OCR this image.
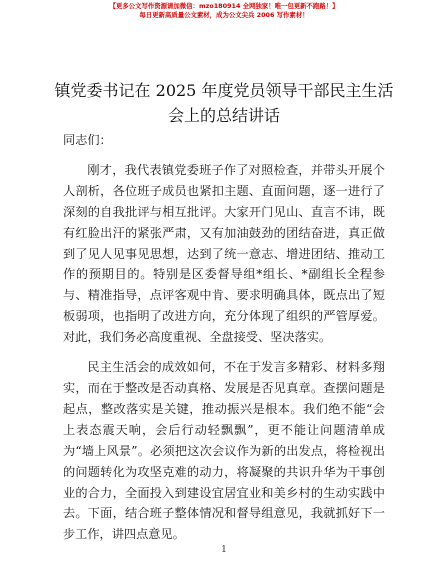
【更多公文写作资源请加微信：mzo180914 全网独家！唯一包更新不跑路！】
每日更新高质量公文素材，成为公文尖兵 2006 写作素材！
镇党委书记在 2025 年度党员领导干部民主生活会上的总结讲话

同志们：

刚才，我代表镇党委班子作了对照检查，并带头开展个人剖析，各位班子成员也紧扣主题、直面问题，逐一进行了深刻的自我批评与相互批评。大家开门见山、直言不讳，既有红脸出汗的紧张严肃，又有加油鼓劲的团结奋进，真正做到了见人见事见思想，达到了统一意志、增进团结、推动工作的预期目的。特别是区委督导组*组长、*副组长全程参与、精准指导，点评客观中肯、要求明确具体，既点出了短板弱项，也指明了改进方向，充分体现了组织的严管厚爱。对此，我们务必高度重视、全盘接受、坚决落实。

民主生活会的成效如何，不在于发言多精彩、材料多翔实，而在于整改是否动真格、发展是否见真章。查摆问题是起点，整改落实是关键，推动振兴是根本。我们绝不能“会上表态震天响，会后行动轻飘飘”，更不能让问题清单成为“墙上风景”。必须把这次会议作为新的出发点，将检视出的问题转化为攻坚克难的动力，将凝聚的共识升华为干事创业的合力，全面投入到建设宜居宜业和美乡村的生动实践中去。下面，结合班子整体情况和督导组意见，我就抓好下一步工作，讲四点意见。

1
